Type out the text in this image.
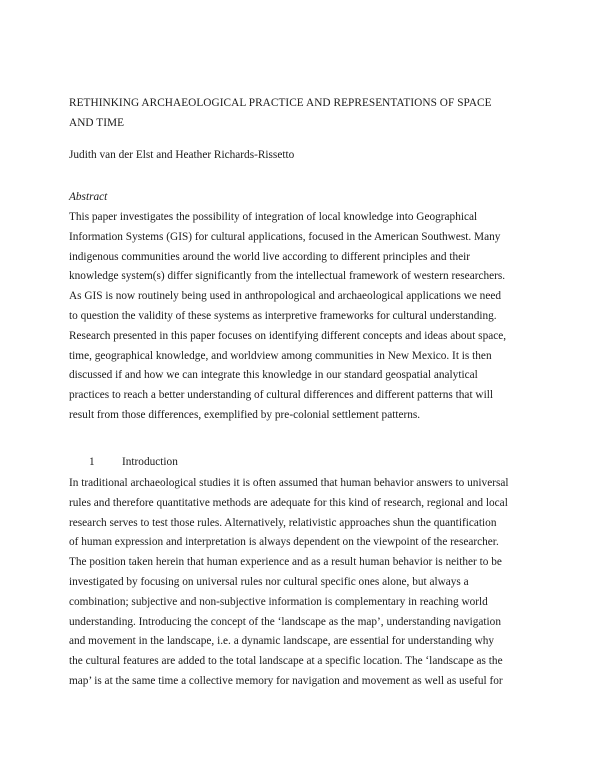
RETHINKING ARCHAEOLOGICAL PRACTICE AND REPRESENTATIONS OF SPACE
AND TIME
Judith van der Elst and Heather Richards-Rissetto
Abstract
This paper investigates the possibility of integration of local knowledge into Geographical
Information Systems (GIS) for cultural applications, focused in the American Southwest. Many
indigenous communities around the world live according to different principles and their
knowledge system(s) differ significantly from the intellectual framework of western researchers.
As GIS is now routinely being used in anthropological and archaeological applications we need
to question the validity of these systems as interpretive frameworks for cultural understanding.
Research presented in this paper focuses on identifying different concepts and ideas about space,
time, geographical knowledge, and worldview among communities in New Mexico. It is then
discussed if and how we can integrate this knowledge in our standard geospatial analytical
practices to reach a better understanding of cultural differences and different patterns that will
result from those differences, exemplified by pre-colonial settlement patterns.
1 Introduction
In traditional archaeological studies it is often assumed that human behavior answers to universal
rules and therefore quantitative methods are adequate for this kind of research, regional and local
research serves to test those rules. Alternatively, relativistic approaches shun the quantification
of human expression and interpretation is always dependent on the viewpoint of the researcher.
The position taken herein that human experience and as a result human behavior is neither to be
investigated by focusing on universal rules nor cultural specific ones alone, but always a
combination; subjective and non-subjective information is complementary in reaching world
understanding. Introducing the concept of the ‘landscape as the map’, understanding navigation
and movement in the landscape, i.e. a dynamic landscape, are essential for understanding why
the cultural features are added to the total landscape at a specific location. The ‘landscape as the
map’ is at the same time a collective memory for navigation and movement as well as useful for
